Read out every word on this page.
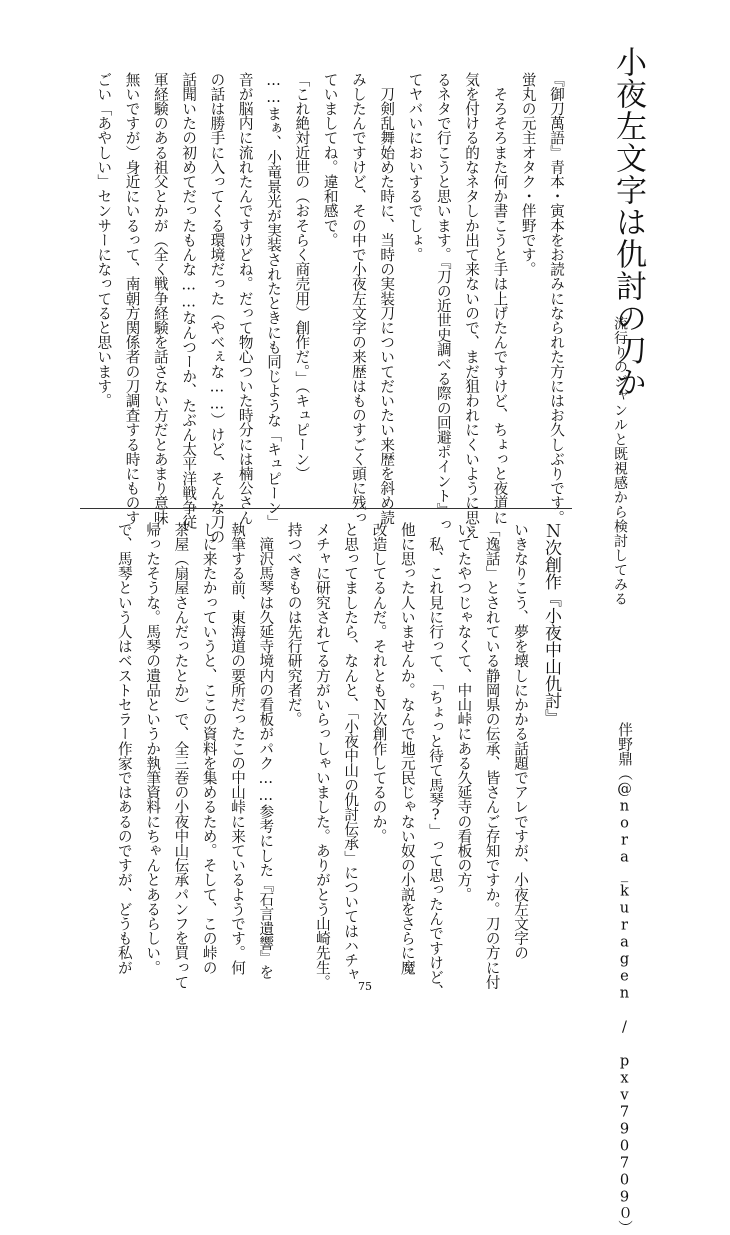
小夜左文字は仇討の刀か
流行りのジャンルと既視感から検討してみる
『御刀萬語』青本・寅本をお読みになられた方にはお久しぶりです。
蛍丸の元主オタク・伴野です。
　そろそろまた何か書こうと手は上げたんですけど、ちょっと夜道に
気を付ける的なネタしか出て来ないので、まだ狙われにくいように思え
るネタで行こうと思います。『刀の近世史調べる際の回避ポイント』っ
てヤバいにおいするでしょ。
　刀剣乱舞始めた時に、当時の実装刀についてだいたい来歴を斜め読
みしたんですけど、その中で小夜左文字の来歴はものすごく頭に残っ
ていましてね。違和感で。
「これ絶対近世の（おそらく商売用）創作だ。」（キュピーン）
……まぁ、小竜景光が実装されたときにも同じような「キュピーン」
音が脳内に流れたんですけどね。だって物心ついた時分には楠公さん
の話は勝手に入ってくる環境だった（やべぇな……）けど、そんな刀の
話聞いたの初めてだったもんな……なんつーか、たぶん太平洋戦争従
軍経験のある祖父とかが（全く戦争経験を話さない方だとあまり意味
無いですが）身近にいるって、南朝方関係者の刀調査する時にものす
ごい「あやしい」センサーになってると思います。
伴野鼎（@nora_kuragen / pxv790709０）
Ｎ次創作『小夜中山仇討』
いきなりこう、夢を壊しにかかる話題でアレですが、小夜左文字の
「逸話」とされている静岡県の伝承、皆さんご存知ですか。刀の方に付
いてたやつじゃなくて、中山峠にある久延寺の看板の方。
　私、これ見に行って、「ちょっと待て馬琴?」って思ったんですけど、
他に思った人いませんか。なんで地元民じゃない奴の小説をさらに魔
改造してるんだ。それともＮ次創作してるのか。
と思ってましたら、なんと、「小夜中山の仇討伝承」についてはハチャ
メチャに研究されてる方がいらっしゃいました。ありがとう山崎先生。
持つべきものは先行研究者だ。
　滝沢馬琴は久延寺境内の看板がパク……参考にした『石言遺響』を
執筆する前、東海道の要所だったこの中山峠に来ているようです。何
しに来たかっていうと、ここの資料を集めるため。そして、この峠の
茶屋（扇屋さんだったとか）で、全三巻の小夜中山伝承パンフを買って
帰ったそうな。馬琴の遺品というか執筆資料にちゃんとあるらしい。
で、馬琴という人はベストセラー作家ではあるのですが、どうも私が
75
